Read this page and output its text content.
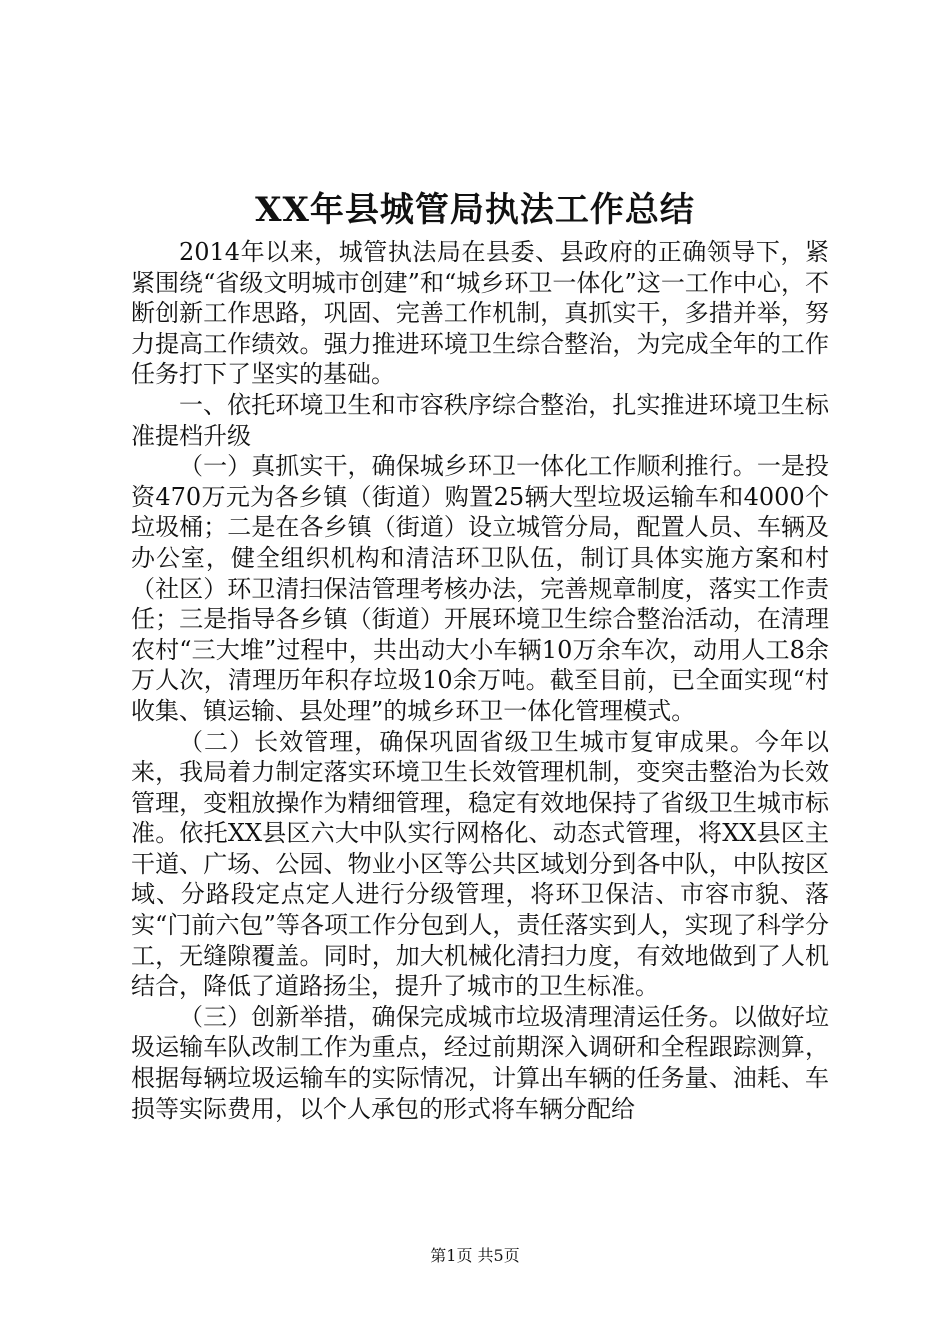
XX年县城管局执法工作总结

2014年以来，城管执法局在县委、县政府的正确领导下，紧紧围绕“省级文明城市创建”和“城乡环卫一体化”这一工作中心，不断创新工作思路，巩固、完善工作机制，真抓实干，多措并举，努力提高工作绩效。强力推进环境卫生综合整治，为完成全年的工作任务打下了坚实的基础。

一、依托环境卫生和市容秩序综合整治，扎实推进环境卫生标准提档升级

（一）真抓实干，确保城乡环卫一体化工作顺利推行。一是投资470万元为各乡镇（街道）购置25辆大型垃圾运输车和4000个垃圾桶；二是在各乡镇（街道）设立城管分局，配置人员、车辆及办公室，健全组织机构和清洁环卫队伍，制订具体实施方案和村（社区）环卫清扫保洁管理考核办法，完善规章制度，落实工作责任；三是指导各乡镇（街道）开展环境卫生综合整治活动，在清理农村“三大堆”过程中，共出动大小车辆10万余车次，动用人工8余万人次，清理历年积存垃圾10余万吨。截至目前，已全面实现“村收集、镇运输、县处理”的城乡环卫一体化管理模式。

（二）长效管理，确保巩固省级卫生城市复审成果。今年以来，我局着力制定落实环境卫生长效管理机制，变突击整治为长效管理，变粗放操作为精细管理，稳定有效地保持了省级卫生城市标准。依托XX县区六大中队实行网格化、动态式管理，将XX县区主干道、广场、公园、物业小区等公共区域划分到各中队，中队按区域、分路段定点定人进行分级管理，将环卫保洁、市容市貌、落实“门前六包”等各项工作分包到人，责任落实到人，实现了科学分工，无缝隙覆盖。同时，加大机械化清扫力度，有效地做到了人机结合，降低了道路扬尘，提升了城市的卫生标准。

（三）创新举措，确保完成城市垃圾清理清运任务。以做好垃圾运输车队改制工作为重点，经过前期深入调研和全程跟踪测算，根据每辆垃圾运输车的实际情况，计算出车辆的任务量、油耗、车损等实际费用，以个人承包的形式将车辆分配给

第1页 共5页
